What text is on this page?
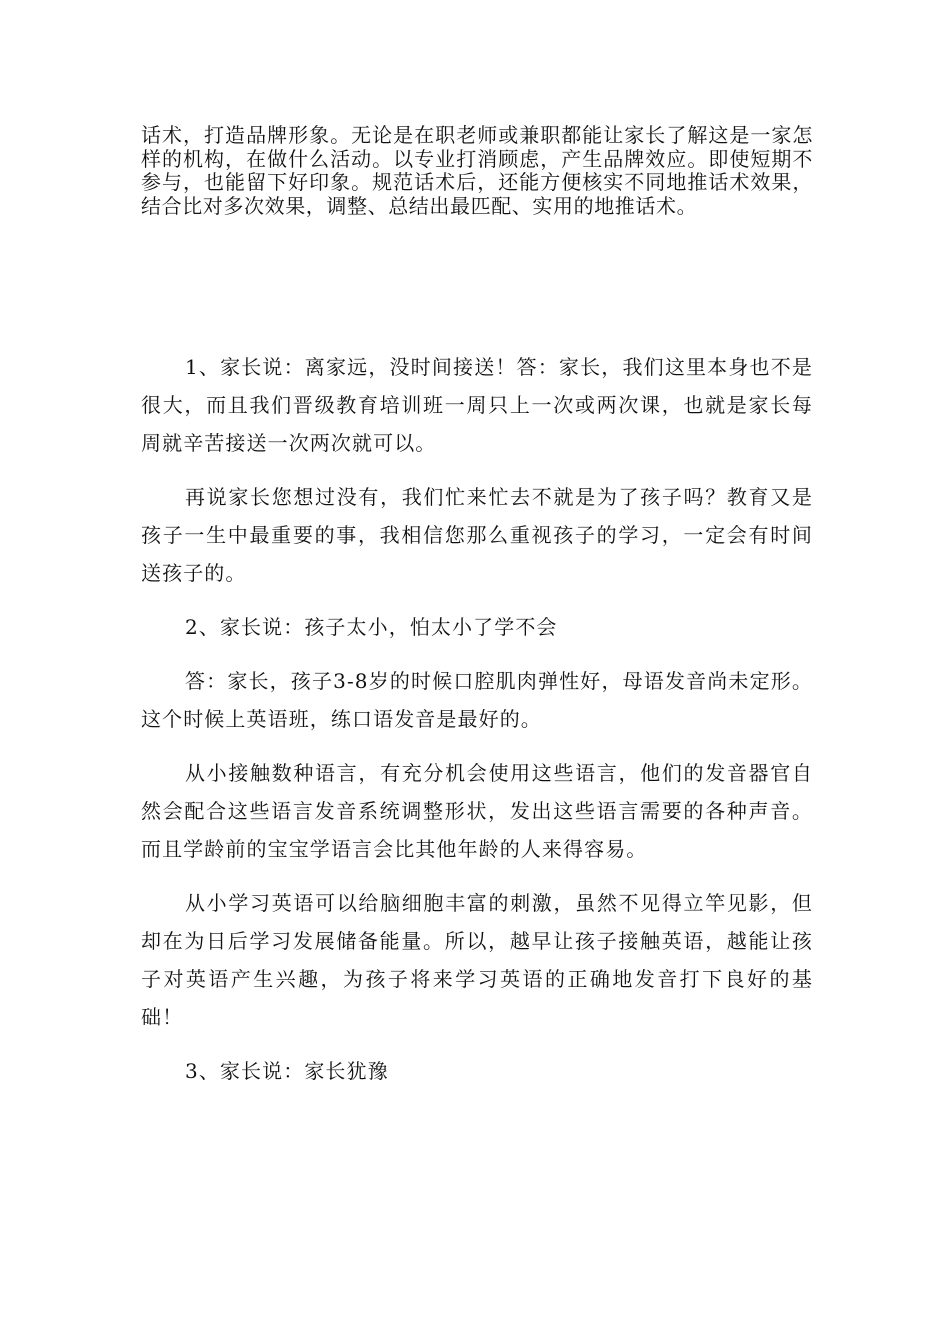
话术，打造品牌形象。无论是在职老师或兼职都能让家长了解这是一家怎样的机构，在做什么活动。以专业打消顾虑，产生品牌效应。即使短期不参与，也能留下好印象。规范话术后，还能方便核实不同地推话术效果，结合比对多次效果，调整、总结出最匹配、实用的地推话术。

1、家长说：离家远，没时间接送！答：家长，我们这里本身也不是很大，而且我们晋级教育培训班一周只上一次或两次课，也就是家长每周就辛苦接送一次两次就可以。

再说家长您想过没有，我们忙来忙去不就是为了孩子吗？教育又是孩子一生中最重要的事，我相信您那么重视孩子的学习，一定会有时间送孩子的。

2、家长说：孩子太小，怕太小了学不会

答：家长，孩子3-8岁的时候口腔肌肉弹性好，母语发音尚未定形。这个时候上英语班，练口语发音是最好的。

从小接触数种语言，有充分机会使用这些语言，他们的发音器官自然会配合这些语言发音系统调整形状，发出这些语言需要的各种声音。而且学龄前的宝宝学语言会比其他年龄的人来得容易。

从小学习英语可以给脑细胞丰富的刺激，虽然不见得立竿见影，但却在为日后学习发展储备能量。所以，越早让孩子接触英语，越能让孩子对英语产生兴趣，为孩子将来学习英语的正确地发音打下良好的基础！

3、家长说：家长犹豫
